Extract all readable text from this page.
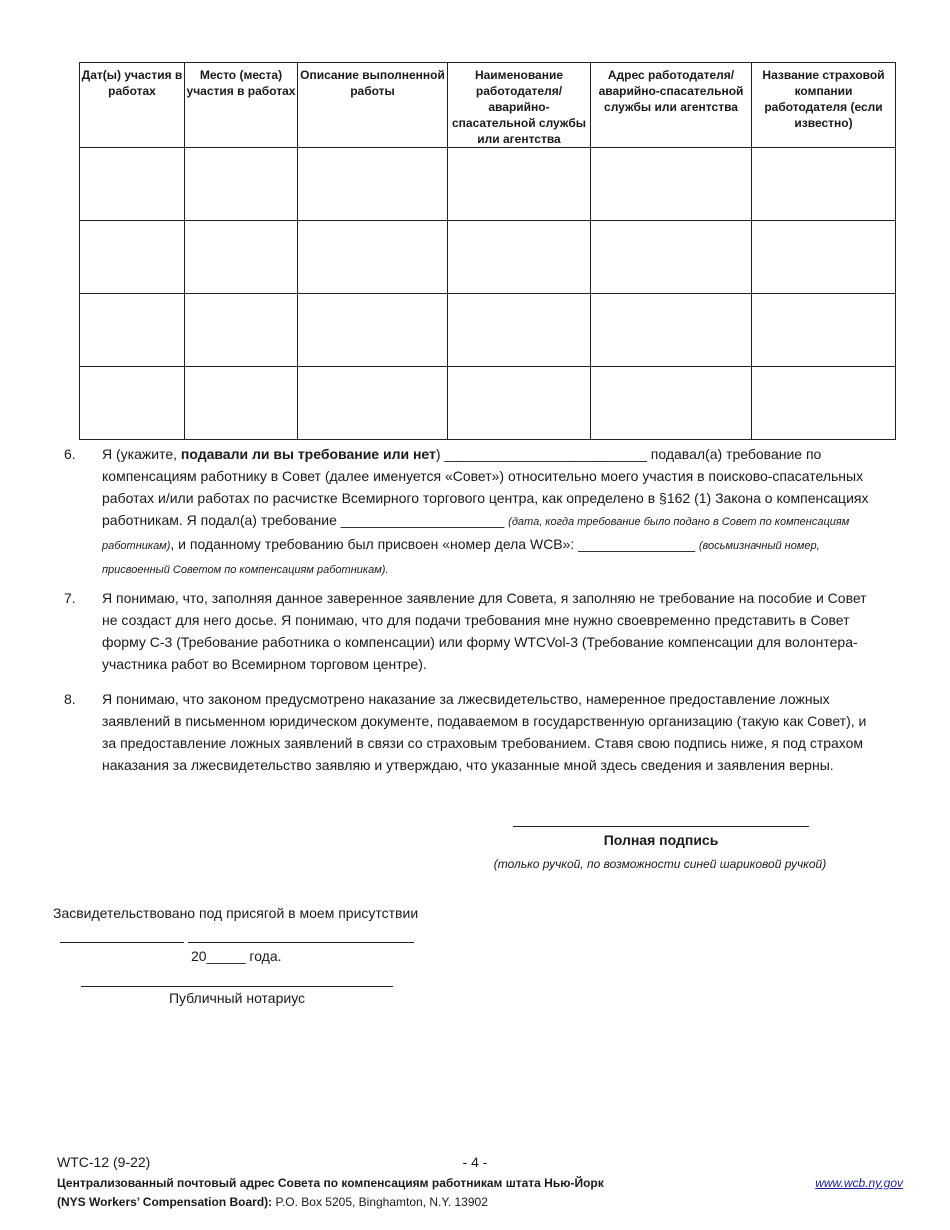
Дат(ы) участия в работах	Место (места) участия в работах	Описание выполненной работы	Наименование работодателя/аварийно-спасательной службы или агентства	Адрес работодателя/ аварийно-спасательной службы или агентства	Название страховой компании работодателя (если известно)

6. Я (укажите, подавали ли вы требование или нет) __________________________ подавал(а) требование по компенсациям работнику в Совет (далее именуется «Совет») относительно моего участия в поисково-спасательных работах и/или работах по расчистке Всемирного торгового центра, как определено в §162 (1) Закона о компенсациях работникам. Я подал(а) требование _____________________ (дата, когда требование было подано в Совет по компенсациям работникам), и поданному требованию был присвоен «номер дела WCB»: _______________ (восьмизначный номер, присвоенный Советом по компенсациям работникам).
7. Я понимаю, что, заполняя данное заверенное заявление для Совета, я заполняю не требование на пособие и Совет не создаст для него досье. Я понимаю, что для подачи требования мне нужно своевременно представить в Совет форму C-3 (Требование работника о компенсации) или форму WTCVol-3 (Требование компенсации для волонтера-участника работ во Всемирном торговом центре).
8. Я понимаю, что законом предусмотрено наказание за лжесвидетельство, намеренное предоставление ложных заявлений в письменном юридическом документе, подаваемом в государственную организацию (такую как Совет), и за предоставление ложных заявлений в связи со страховым требованием. Ставя свою подпись ниже, я под страхом наказания за лжесвидетельство заявляю и утверждаю, что указанные мной здесь сведения и заявления верны.
Полная подпись
(только ручкой, по возможности синей шариковой ручкой)
Засвидетельствовано под присягой в моем присутствии
20_____ года.
Публичный нотариус
WTC-12 (9-22)	- 4 -
Централизованный почтовый адрес Совета по компенсациям работникам штата Нью-Йорк
(NYS Workers’ Compensation Board): P.O. Box 5205, Binghamton, N.Y. 13902
www.wcb.ny.gov
